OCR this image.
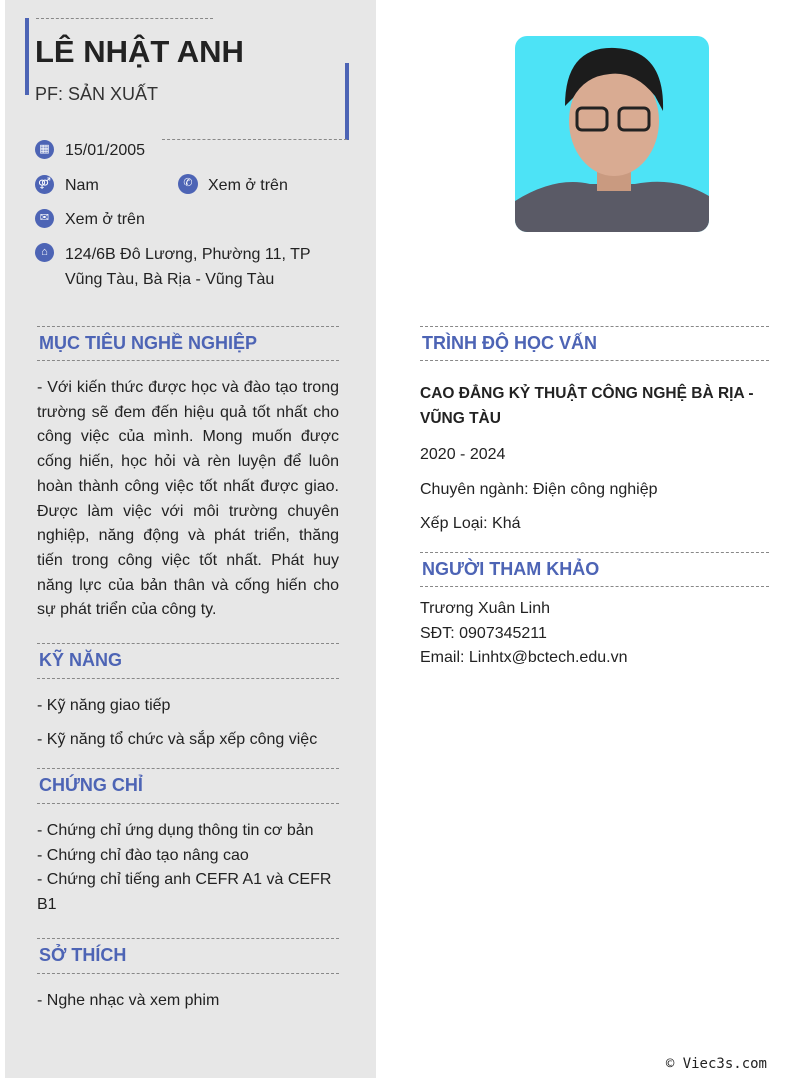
LÊ NHẬT ANH
PF: SẢN XUẤT
▦ 15/01/2005
⚤ Nam	✆ Xem ở trên
✉ Xem ở trên
⌂	124/6B Đô Lương, Phường 11, TP
Vũng Tàu, Bà Rịa - Vũng Tàu
MỤC TIÊU NGHỀ NGHIỆP
- Với kiến thức được học và đào tạo trong trường sẽ đem đến hiệu quả tốt nhất cho công việc của mình. Mong muốn được cống hiến, học hỏi và rèn luyện để luôn hoàn thành công việc tốt nhất được giao. Được làm việc với môi trường chuyên nghiệp, năng động và phát triển, thăng tiến trong công việc tốt nhất. Phát huy năng lực của bản thân và cống hiến cho sự phát triển của công ty.
KỸ NĂNG
- Kỹ năng giao tiếp
- Kỹ năng tổ chức và sắp xếp công việc
CHỨNG CHỈ
- Chứng chỉ ứng dụng thông tin cơ bản
- Chứng chỉ đào tạo nâng cao
- Chứng chỉ tiếng anh CEFR A1 và CEFR B1
SỞ THÍCH
- Nghe nhạc và xem phim
TRÌNH ĐỘ HỌC VẤN
CAO ĐẲNG KỶ THUẬT CÔNG NGHỆ BÀ RỊA - VŨNG TÀU
2020 - 2024
Chuyên ngành: Điện công nghiệp
Xếp Loại: Khá
NGƯỜI THAM KHẢO
Trương Xuân Linh
SĐT: 0907345211
Email: Linhtx@bctech.edu.vn
© Viec3s.com
